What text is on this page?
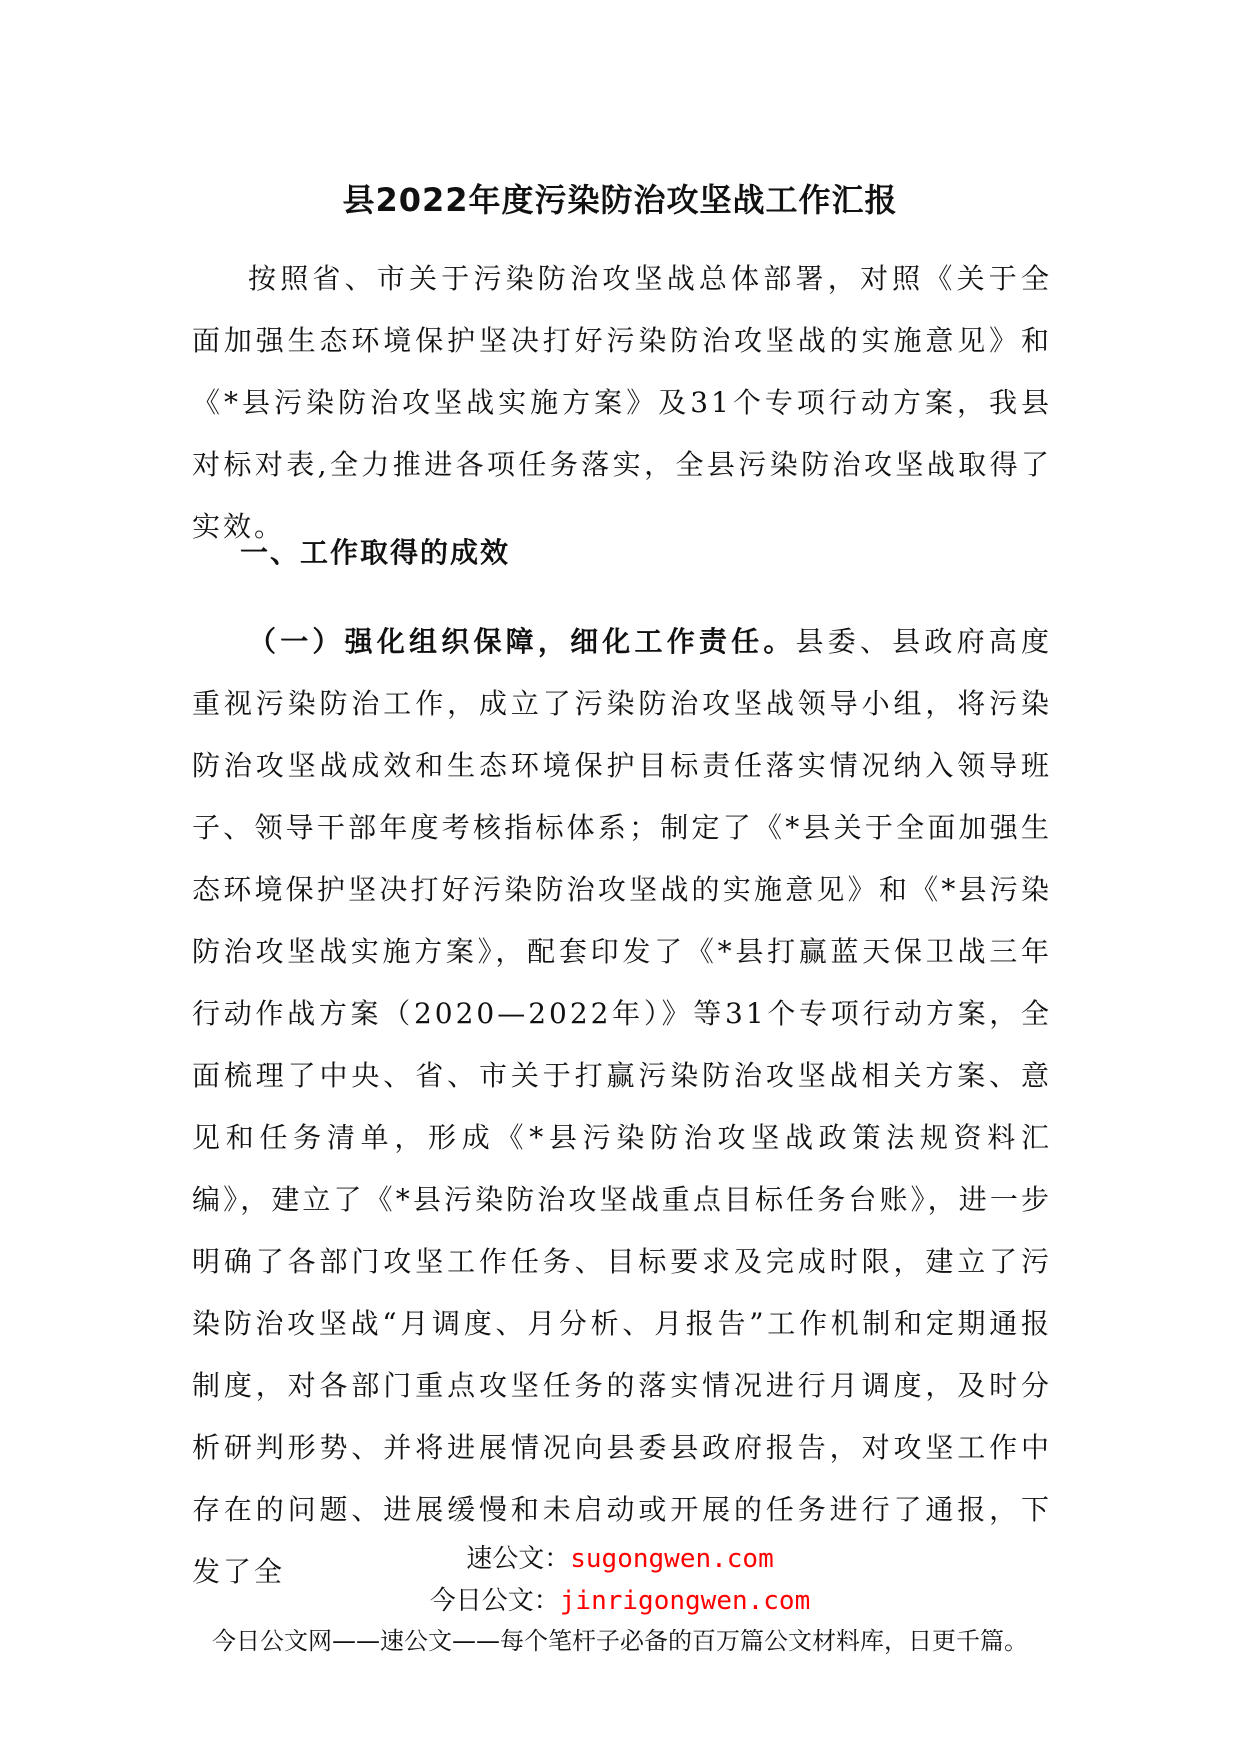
县2022年度污染防治攻坚战工作汇报

按照省、市关于污染防治攻坚战总体部署，对照《关于全面加强生态环境保护坚决打好污染防治攻坚战的实施意见》和《*县污染防治攻坚战实施方案》及31个专项行动方案，我县对标对表,全力推进各项任务落实，全县污染防治攻坚战取得了实效。

一、工作取得的成效

（一）强化组织保障，细化工作责任。县委、县政府高度重视污染防治工作，成立了污染防治攻坚战领导小组，将污染防治攻坚战成效和生态环境保护目标责任落实情况纳入领导班子、领导干部年度考核指标体系；制定了《*县关于全面加强生态环境保护坚决打好污染防治攻坚战的实施意见》和《*县污染防治攻坚战实施方案》，配套印发了《*县打赢蓝天保卫战三年行动作战方案（2020—2022年）》等31个专项行动方案，全面梳理了中央、省、市关于打赢污染防治攻坚战相关方案、意见和任务清单，形成《*县污染防治攻坚战政策法规资料汇编》，建立了《*县污染防治攻坚战重点目标任务台账》，进一步明确了各部门攻坚工作任务、目标要求及完成时限，建立了污染防治攻坚战“月调度、月分析、月报告”工作机制和定期通报制度，对各部门重点攻坚任务的落实情况进行月调度，及时分析研判形势、并将进展情况向县委县政府报告，对攻坚工作中存在的问题、进展缓慢和未启动或开展的任务进行了通报，下发了全	速公文：sugongwen.com
今日公文：jinrigongwen.com
今日公文网——速公文——每个笔杆子必备的百万篇公文材料库，日更千篇。
